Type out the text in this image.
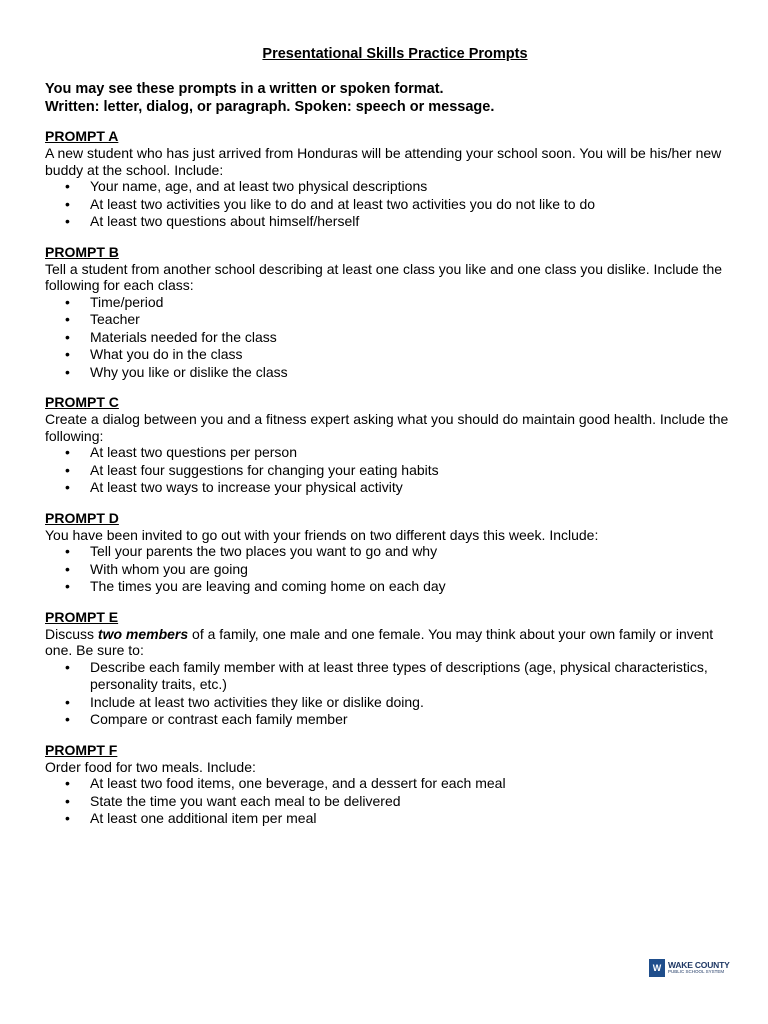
Presentational Skills Practice Prompts
You may see these prompts in a written or spoken format.
Written: letter, dialog, or paragraph. Spoken: speech or message.
PROMPT A
A new student who has just arrived from Honduras will be attending your school soon. You will be his/her new buddy at the school. Include:
• Your name, age, and at least two physical descriptions
• At least two activities you like to do and at least two activities you do not like to do
• At least two questions about himself/herself
PROMPT B
Tell a student from another school describing at least one class you like and one class you dislike. Include the following for each class:
• Time/period
• Teacher
• Materials needed for the class
• What you do in the class
• Why you like or dislike the class
PROMPT C
Create a dialog between you and a fitness expert asking what you should do maintain good health. Include the following:
• At least two questions per person
• At least four suggestions for changing your eating habits
• At least two ways to increase your physical activity
PROMPT D
You have been invited to go out with your friends on two different days this week. Include:
• Tell your parents the two places you want to go and why
• With whom you are going
• The times you are leaving and coming home on each day
PROMPT E
Discuss two members of a family, one male and one female. You may think about your own family or invent one. Be sure to:
• Describe each family member with at least three types of descriptions (age, physical characteristics, personality traits, etc.)
• Include at least two activities they like or dislike doing.
• Compare or contrast each family member
PROMPT F
Order food for two meals. Include:
• At least two food items, one beverage, and a dessert for each meal
• State the time you want each meal to be delivered
• At least one additional item per meal
W WAKE COUNTY
PUBLIC SCHOOL SYSTEM
